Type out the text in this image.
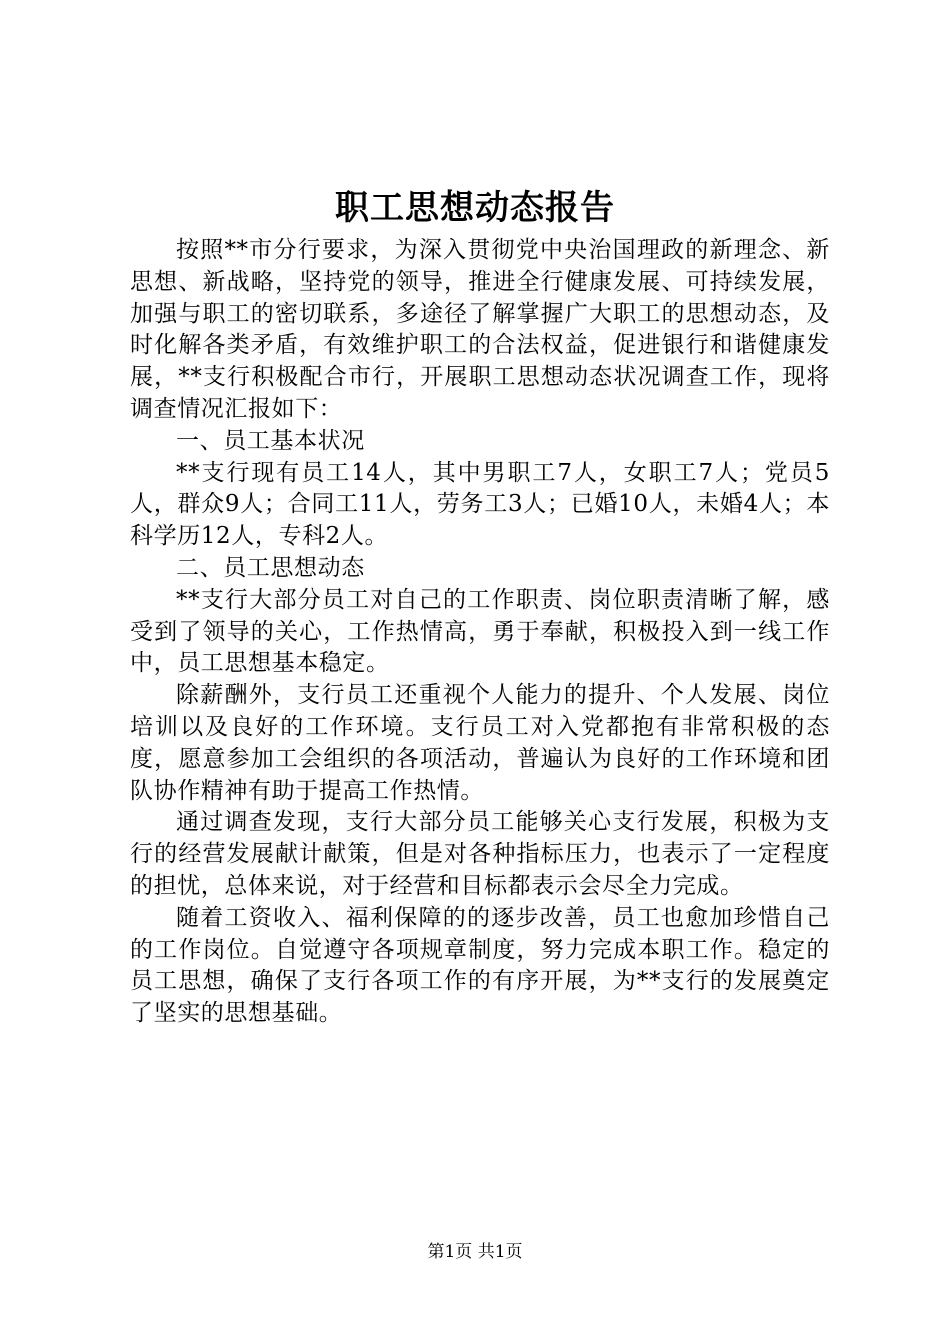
职工思想动态报告

按照**市分行要求，为深入贯彻党中央治国理政的新理念、新思想、新战略，坚持党的领导，推进全行健康发展、可持续发展，加强与职工的密切联系，多途径了解掌握广大职工的思想动态，及时化解各类矛盾，有效维护职工的合法权益，促进银行和谐健康发展，**支行积极配合市行，开展职工思想动态状况调查工作，现将调查情况汇报如下：

一、员工基本状况

**支行现有员工14人，其中男职工7人，女职工7人；党员5人，群众9人；合同工11人，劳务工3人；已婚10人，未婚4人；本科学历12人，专科2人。

二、员工思想动态

**支行大部分员工对自己的工作职责、岗位职责清晰了解，感受到了领导的关心，工作热情高，勇于奉献，积极投入到一线工作中，员工思想基本稳定。

除薪酬外，支行员工还重视个人能力的提升、个人发展、岗位培训以及良好的工作环境。支行员工对入党都抱有非常积极的态度，愿意参加工会组织的各项活动，普遍认为良好的工作环境和团队协作精神有助于提高工作热情。

通过调查发现，支行大部分员工能够关心支行发展，积极为支行的经营发展献计献策，但是对各种指标压力，也表示了一定程度的担忧，总体来说，对于经营和目标都表示会尽全力完成。

随着工资收入、福利保障的的逐步改善，员工也愈加珍惜自己的工作岗位。自觉遵守各项规章制度，努力完成本职工作。稳定的员工思想，确保了支行各项工作的有序开展，为**支行的发展奠定了坚实的思想基础。

第1页 共1页
